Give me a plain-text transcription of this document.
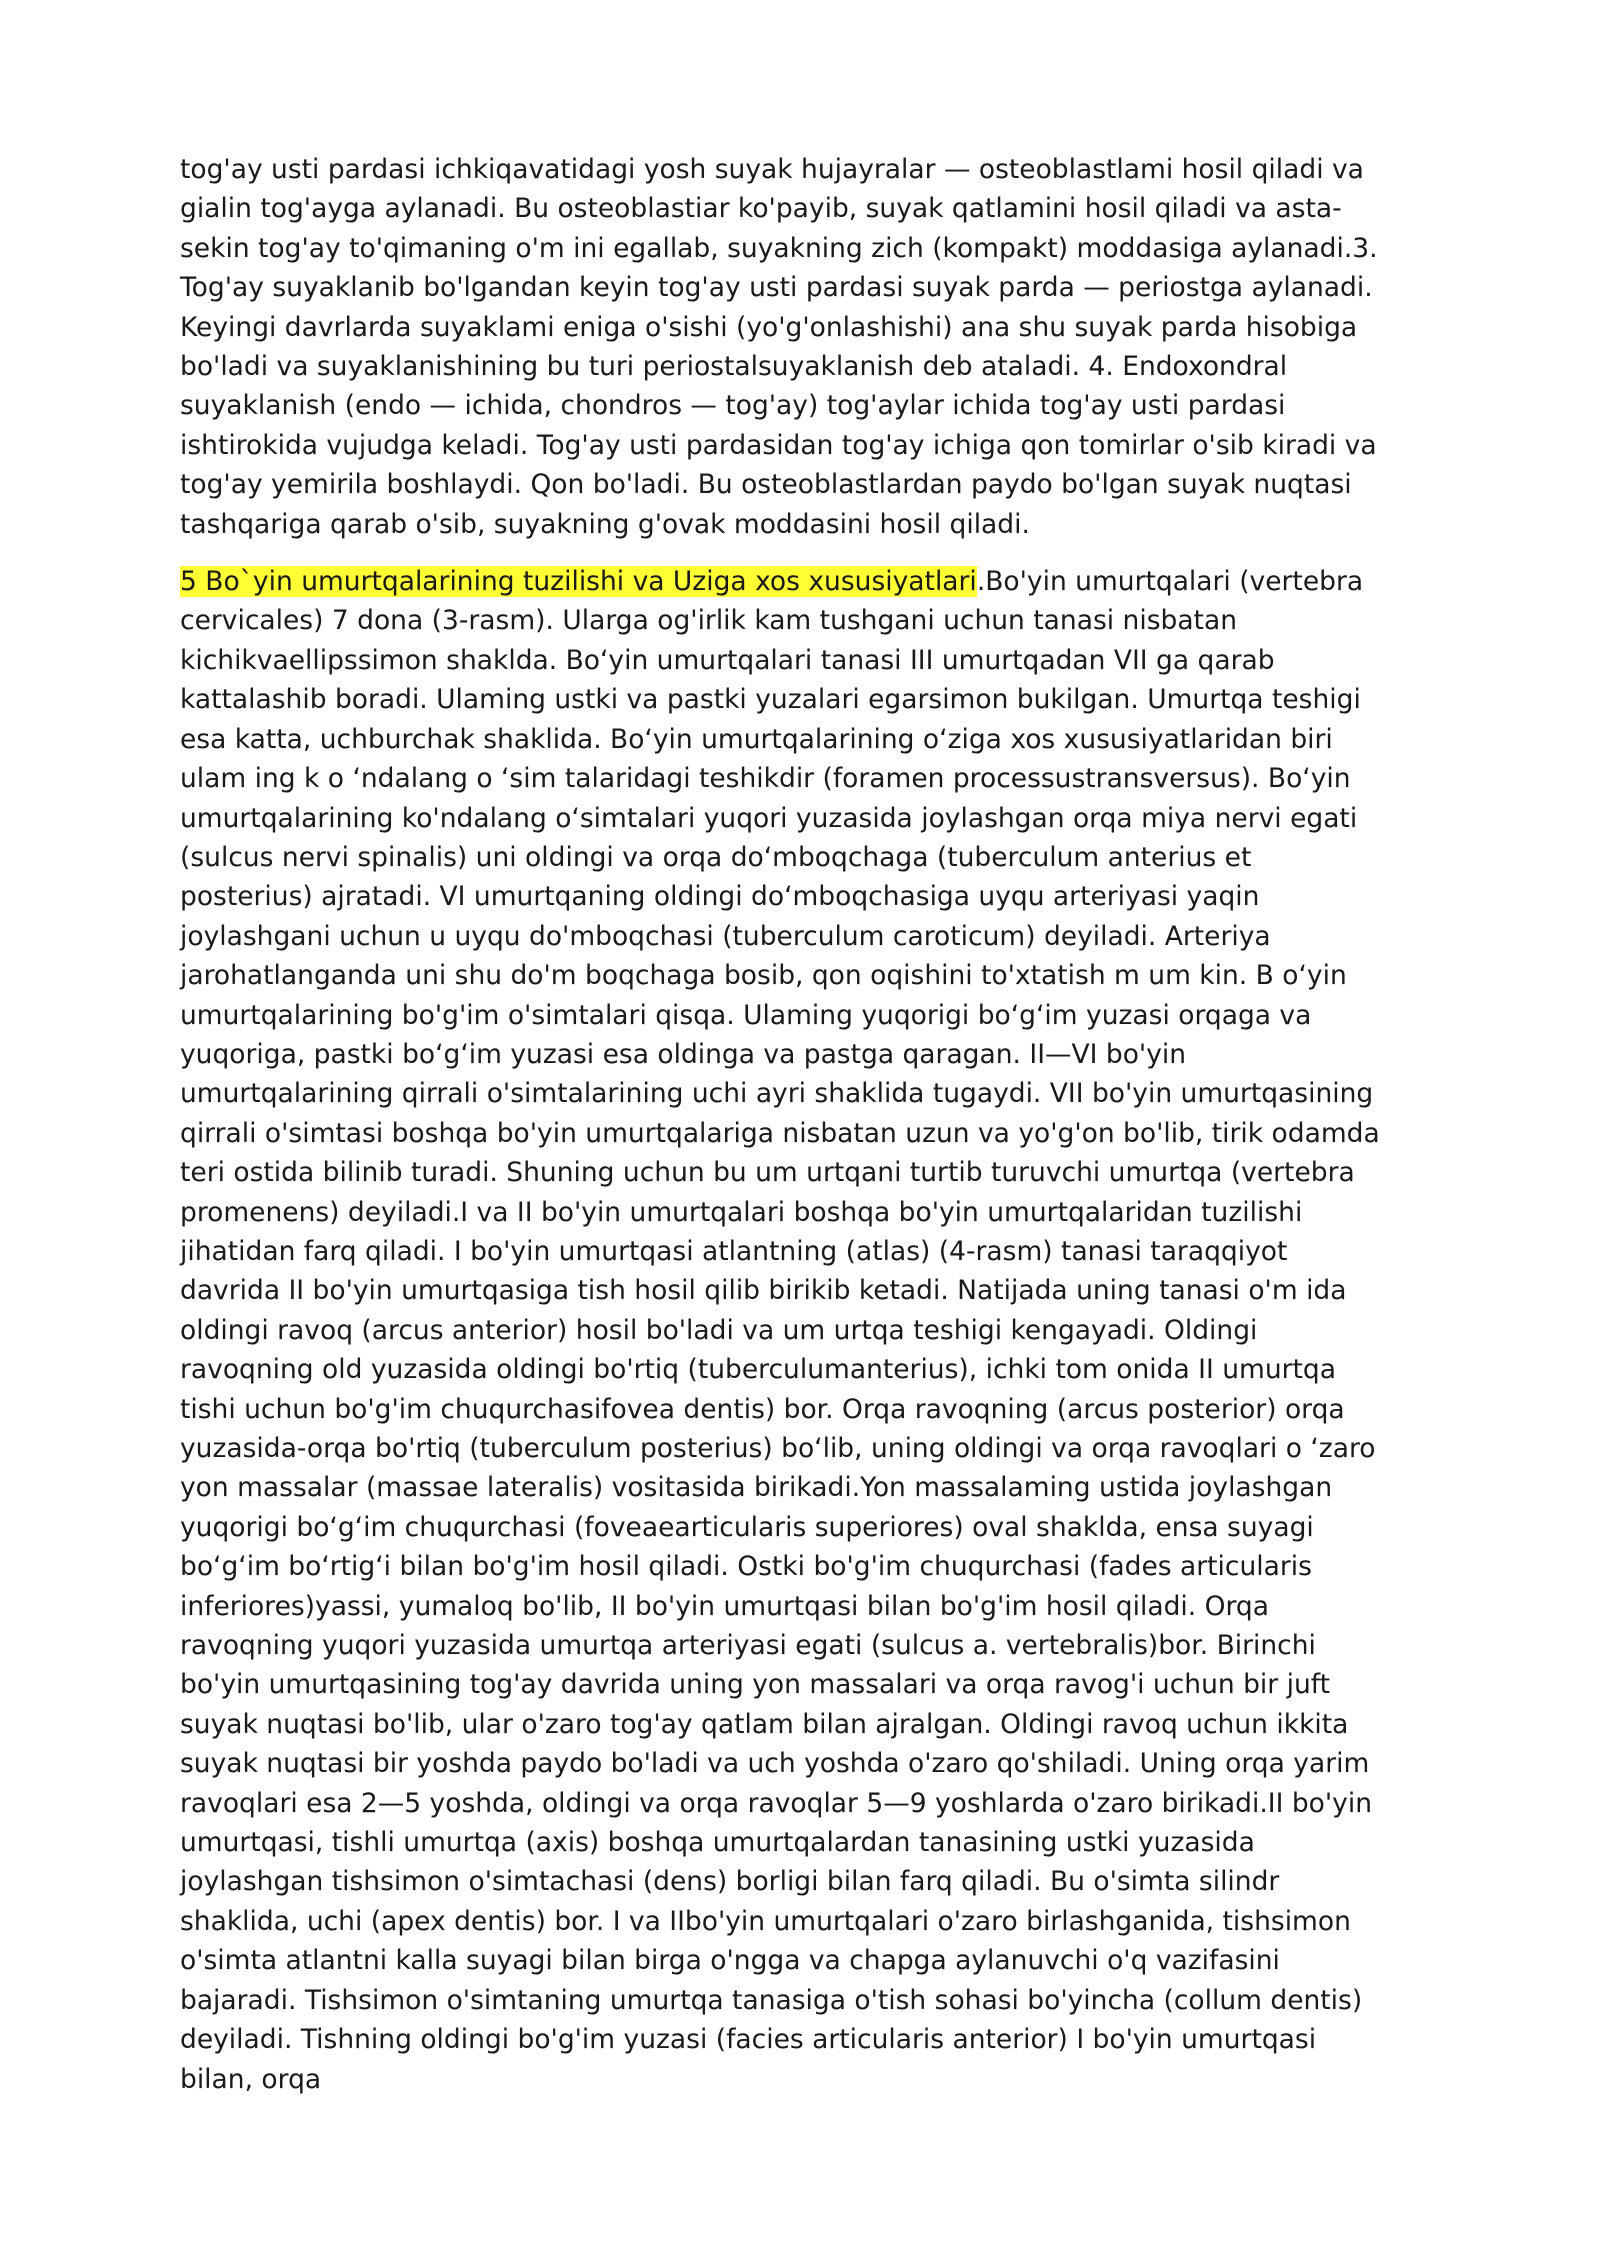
tog'ay usti pardasi ichkiqavatidagi yosh suyak hujayralar — osteoblastlami hosil qiladi va gialin tog'ayga aylanadi. Bu osteoblastiar ko'payib, suyak qatlamini hosil qiladi va asta-sekin tog'ay to'qimaning o'm ini egallab, suyakning zich (kompakt) moddasiga aylanadi.3. Tog'ay suyaklanib bo'lgandan keyin tog'ay usti pardasi suyak parda — periostga aylanadi. Keyingi davrlarda suyaklami eniga o'sishi (yo'g'onlashishi) ana shu suyak parda hisobiga bo'ladi va suyaklanishining bu turi periostalsuyaklanish deb ataladi. 4. Endoxondral suyaklanish (endo — ichida, chondros — tog'ay) tog'aylar ichida tog'ay usti pardasi ishtirokida vujudga keladi. Tog'ay usti pardasidan tog'ay ichiga qon tomirlar o'sib kiradi va tog'ay yemirila boshlaydi. Qon bo'ladi. Bu osteoblastlardan paydo bo'lgan suyak nuqtasi tashqariga qarab o'sib, suyakning g'ovak moddasini hosil qiladi.

5 Bo`yin umurtqalarining tuzilishi va Uziga xos xususiyatlari.Bo'yin umurtqalari (vertebra cervicales) 7 dona (3-rasm). Ularga og'irlik kam tushgani uchun tanasi nisbatan kichikvaellipssimon shaklda. Bo‘yin umurtqalari tanasi III umurtqadan VII ga qarab kattalashib boradi. Ulaming ustki va pastki yuzalari egarsimon bukilgan. Umurtqa teshigi esa katta, uchburchak shaklida. Bo‘yin umurtqalarining o‘ziga xos xususiyatlaridan biri ulam ing k o ‘ndalang o ‘sim talaridagi teshikdir (foramen processustransversus). Bo‘yin umurtqalarining ko'ndalang o‘simtalari yuqori yuzasida joylashgan orqa miya nervi egati (sulcus nervi spinalis) uni oldingi va orqa do‘mboqchaga (tuberculum anterius et posterius) ajratadi. VI umurtqaning oldingi do‘mboqchasiga uyqu arteriyasi yaqin joylashgani uchun u uyqu do'mboqchasi (tuberculum caroticum) deyiladi. Arteriya jarohatlanganda uni shu do'm boqchaga bosib, qon oqishini to'xtatish m um kin. B o‘yin umurtqalarining bo'g'im o'simtalari qisqa. Ulaming yuqorigi bo‘g‘im yuzasi orqaga va yuqoriga, pastki bo‘g‘im yuzasi esa oldinga va pastga qaragan. II—VI bo'yin umurtqalarining qirrali o'simtalarining uchi ayri shaklida tugaydi. VII bo'yin umurtqasining qirrali o'simtasi boshqa bo'yin umurtqalariga nisbatan uzun va yo'g'on bo'lib, tirik odamda teri ostida bilinib turadi. Shuning uchun bu um urtqani turtib turuvchi umurtqa (vertebra promenens) deyiladi.I va II bo'yin umurtqalari boshqa bo'yin umurtqalaridan tuzilishi jihatidan farq qiladi. I bo'yin umurtqasi atlantning (atlas) (4-rasm) tanasi taraqqiyot davrida II bo'yin umurtqasiga tish hosil qilib birikib ketadi. Natijada uning tanasi o'm ida oldingi ravoq (arcus anterior) hosil bo'ladi va um urtqa teshigi kengayadi. Oldingi ravoqning old yuzasida oldingi bo'rtiq (tuberculumanterius), ichki tom onida II umurtqa tishi uchun bo'g'im chuqurchasifovea dentis) bor. Orqa ravoqning (arcus posterior) orqa yuzasida-orqa bo'rtiq (tuberculum posterius) bo‘lib, uning oldingi va orqa ravoqlari o ‘zaro yon massalar (massae lateralis) vositasida birikadi.Yon massalaming ustida joylashgan yuqorigi bo‘g‘im chuqurchasi (foveaearticularis superiores) oval shaklda, ensa suyagi bo‘g‘im bo‘rtig‘i bilan bo'g'im hosil qiladi. Ostki bo'g'im chuqurchasi (fades articularis inferiores)yassi, yumaloq bo'lib, II bo'yin umurtqasi bilan bo'g'im hosil qiladi. Orqa ravoqning yuqori yuzasida umurtqa arteriyasi egati (sulcus a. vertebralis)bor. Birinchi bo'yin umurtqasining tog'ay davrida uning yon massalari va orqa ravog'i uchun bir juft suyak nuqtasi bo'lib, ular o'zaro tog'ay qatlam bilan ajralgan. Oldingi ravoq uchun ikkita suyak nuqtasi bir yoshda paydo bo'ladi va uch yoshda o'zaro qo'shiladi. Uning orqa yarim ravoqlari esa 2—5 yoshda, oldingi va orqa ravoqlar 5—9 yoshlarda o'zaro birikadi.II bo'yin umurtqasi, tishli umurtqa (axis) boshqa umurtqalardan tanasining ustki yuzasida joylashgan tishsimon o'simtachasi (dens) borligi bilan farq qiladi. Bu o'simta silindr shaklida, uchi (apex dentis) bor. I va IIbo'yin umurtqalari o'zaro birlashganida, tishsimon o'simta atlantni kalla suyagi bilan birga o'ngga va chapga aylanuvchi o'q vazifasini bajaradi. Tishsimon o'simtaning umurtqa tanasiga o'tish sohasi bo'yincha (collum dentis) deyiladi. Tishning oldingi bo'g'im yuzasi (facies articularis anterior) I bo'yin umurtqasi bilan, orqa
